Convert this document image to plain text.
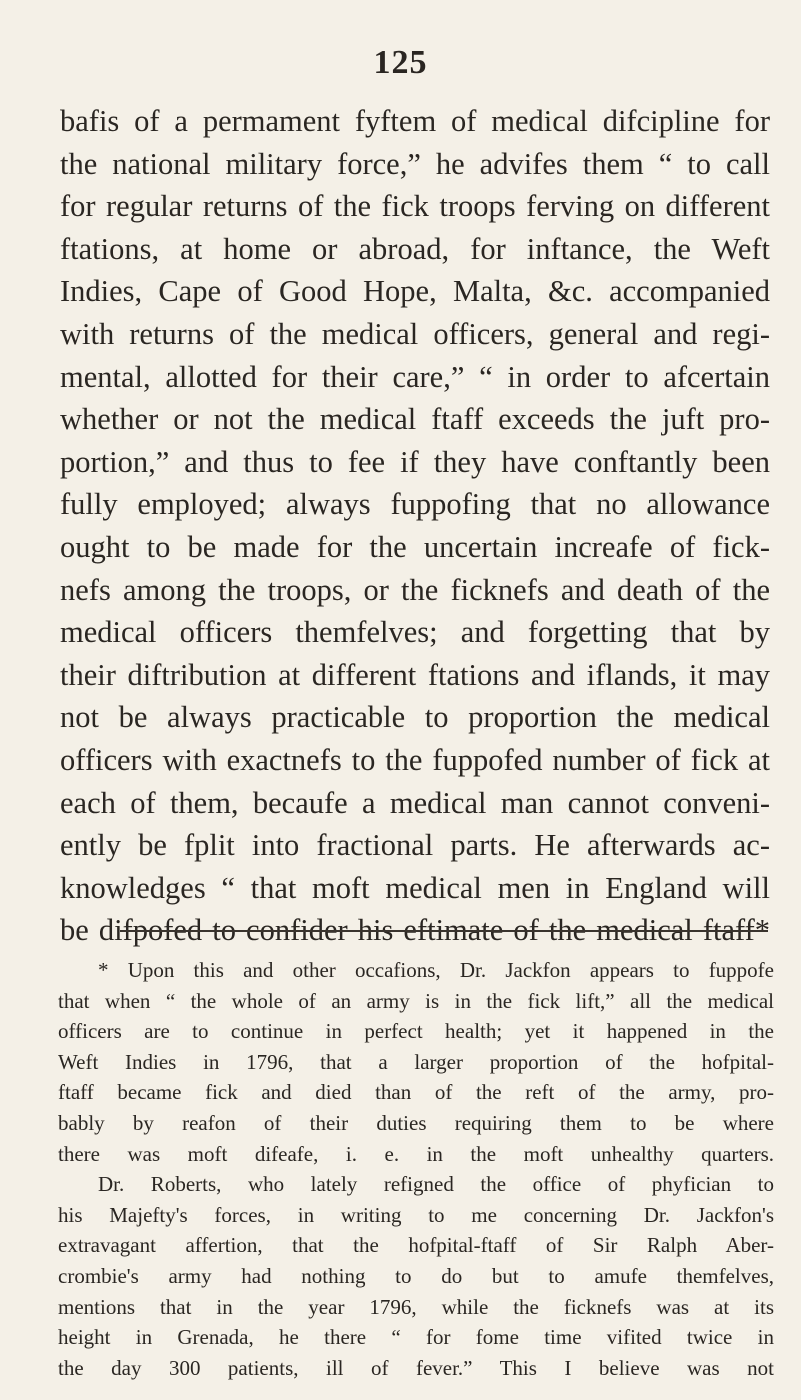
125
bafis of a permament fyftem of medical difcipline for
the national military force,” he advifes them “ to call
for regular returns of the fick troops ferving on different
ftations, at home or abroad, for inftance, the Weft
Indies, Cape of Good Hope, Malta, &c. accompanied
with returns of the medical officers, general and regi-
mental, allotted for their care,” “ in order to afcertain
whether or not the medical ftaff exceeds the juft pro-
portion,” and thus to fee if they have conftantly been
fully employed; always fuppofing that no allowance
ought to be made for the uncertain increafe of fick-
nefs among the troops, or the ficknefs and death of the
medical officers themfelves; and forgetting that by
their diftribution at different ftations and iflands, it may
not be always practicable to proportion the medical
officers with exactnefs to the fuppofed number of fick at
each of them, becaufe a medical man cannot conveni-
ently be fplit into fractional parts. He afterwards ac-
knowledges “ that moft medical men in England will
be difpofed to confider his eftimate of the medical ftaff*
* Upon this and other occafions, Dr. Jackfon appears to fuppofe
that when “ the whole of an army is in the fick lift,” all the medical
officers are to continue in perfect health; yet it happened in the
Weft Indies in 1796, that a larger proportion of the hofpital-
ftaff became fick and died than of the reft of the army, pro-
bably by reafon of their duties requiring them to be where
there was moft difeafe, i. e. in the moft unhealthy quarters.
Dr. Roberts, who lately refigned the office of phyfician to
his Majefty's forces, in writing to me concerning Dr. Jackfon's
extravagant affertion, that the hofpital-ftaff of Sir Ralph Aber-
crombie's army had nothing to do but to amufe themfelves,
mentions that in the year 1796, while the ficknefs was at its
height in Grenada, he there “ for fome time vifited twice in
the day 300 patients, ill of fever.” This I believe was not
